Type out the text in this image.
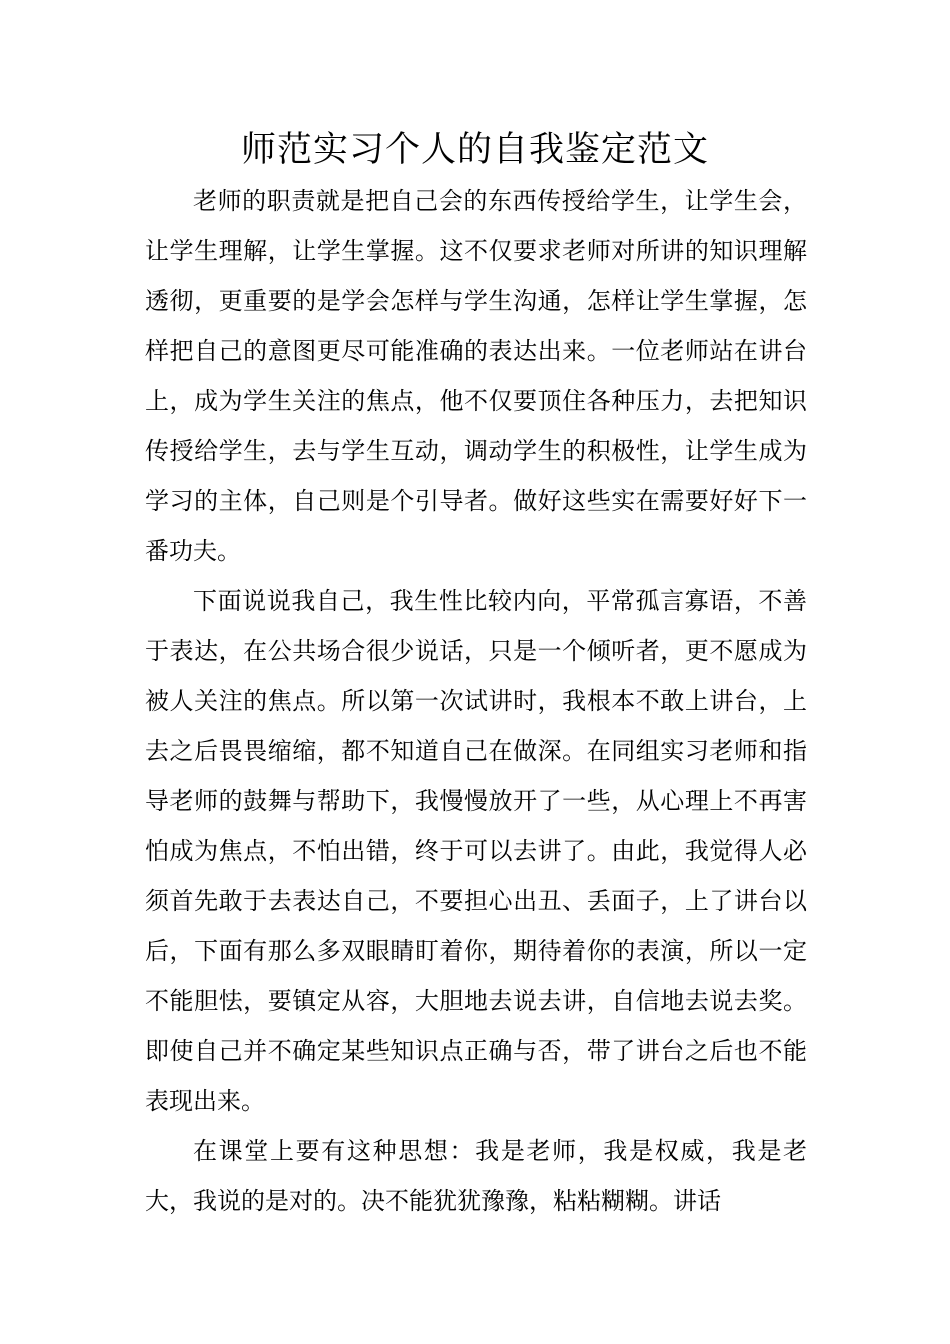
师范实习个人的自我鉴定范文

老师的职责就是把自己会的东西传授给学生，让学生会，让学生理解，让学生掌握。这不仅要求老师对所讲的知识理解透彻，更重要的是学会怎样与学生沟通，怎样让学生掌握，怎样把自己的意图更尽可能准确的表达出来。一位老师站在讲台上，成为学生关注的焦点，他不仅要顶住各种压力，去把知识传授给学生，去与学生互动，调动学生的积极性，让学生成为学习的主体，自己则是个引导者。做好这些实在需要好好下一番功夫。

下面说说我自己，我生性比较内向，平常孤言寡语，不善于表达，在公共场合很少说话，只是一个倾听者，更不愿成为被人关注的焦点。所以第一次试讲时，我根本不敢上讲台，上去之后畏畏缩缩，都不知道自己在做深。在同组实习老师和指导老师的鼓舞与帮助下，我慢慢放开了一些，从心理上不再害怕成为焦点，不怕出错，终于可以去讲了。由此，我觉得人必须首先敢于去表达自己，不要担心出丑、丢面子，上了讲台以后，下面有那么多双眼睛盯着你，期待着你的表演，所以一定不能胆怯，要镇定从容，大胆地去说去讲，自信地去说去奖。即使自己并不确定某些知识点正确与否，带了讲台之后也不能表现出来。

在课堂上要有这种思想：我是老师，我是权威，我是老大，我说的是对的。决不能犹犹豫豫，粘粘糊糊。讲话
